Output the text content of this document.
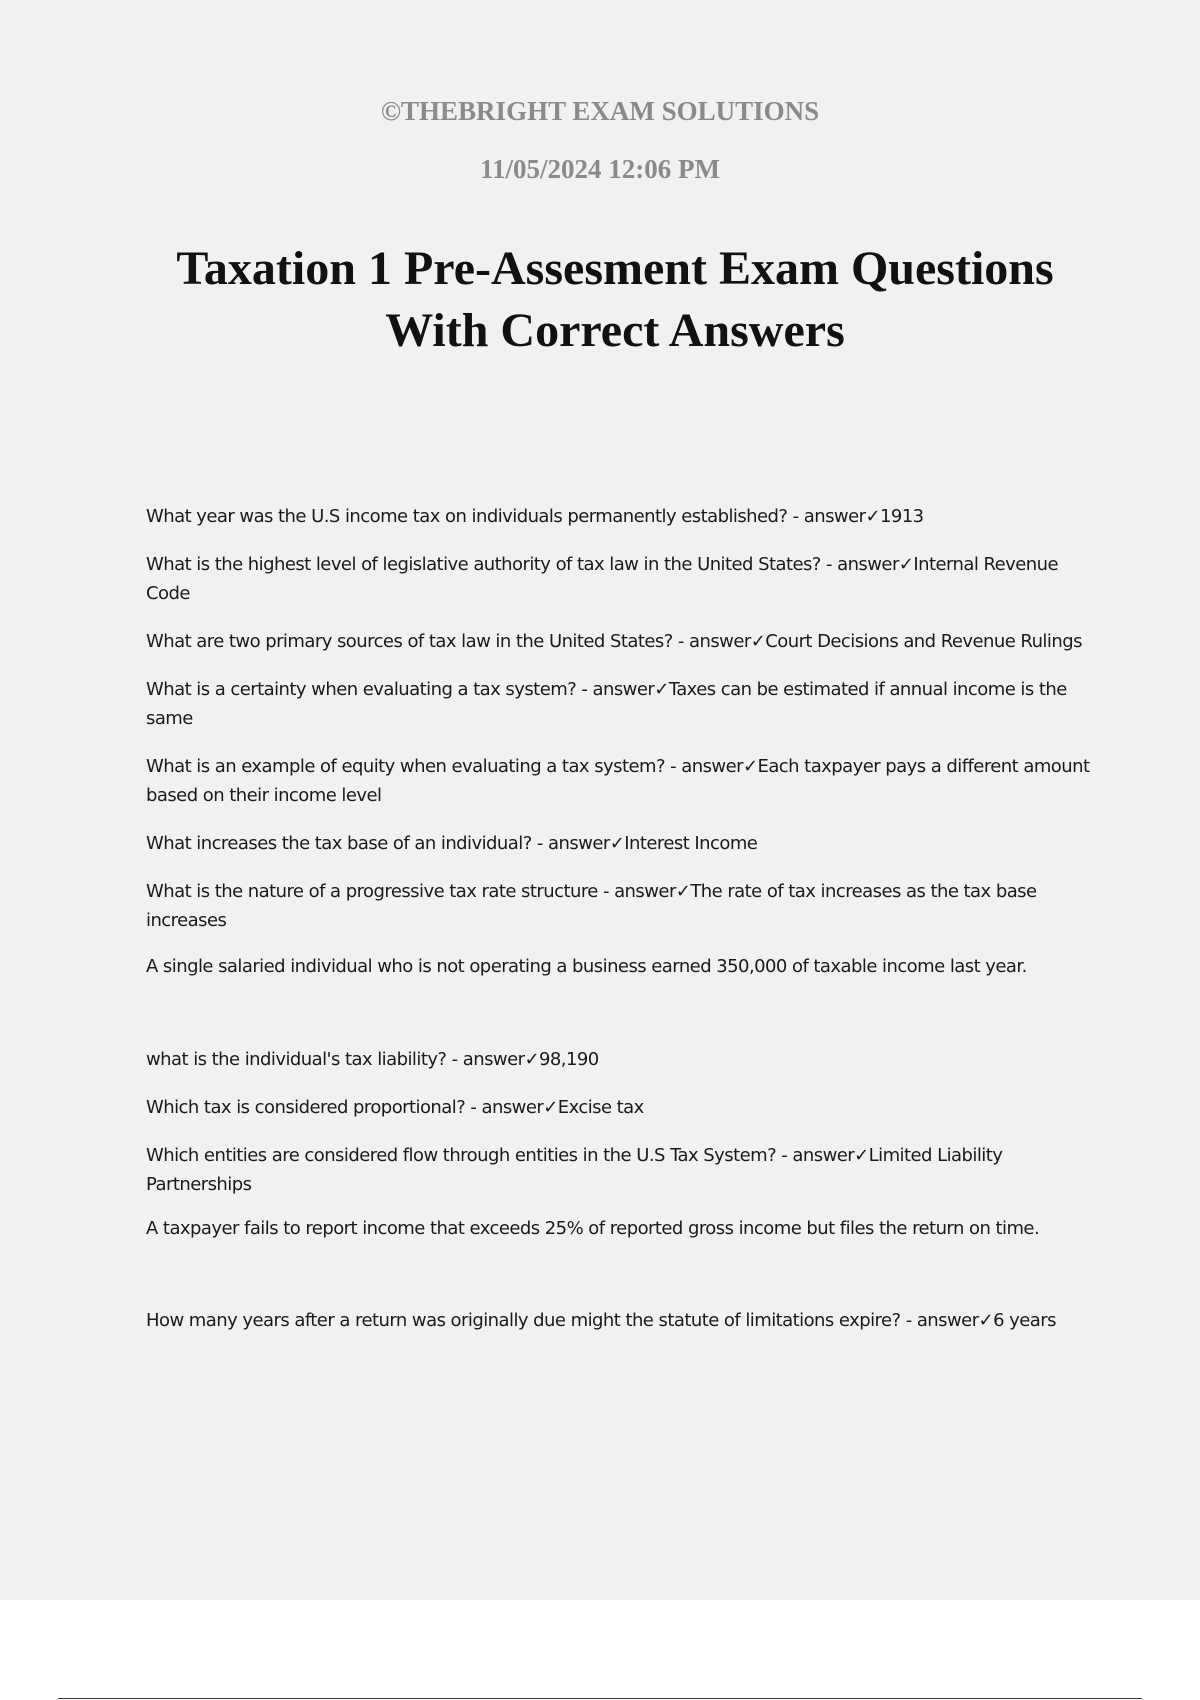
©THEBRIGHT EXAM SOLUTIONS

11/05/2024 12:06 PM

Taxation 1 Pre-Assesment Exam Questions
With Correct Answers
What year was the U.S income tax on individuals permanently established? - answer✓1913
What is the highest level of legislative authority of tax law in the United States? - answer✓Internal Revenue Code
What are two primary sources of tax law in the United States? - answer✓Court Decisions and Revenue Rulings
What is a certainty when evaluating a tax system? - answer✓Taxes can be estimated if annual income is the same
What is an example of equity when evaluating a tax system? - answer✓Each taxpayer pays a different amount based on their income level
What increases the tax base of an individual? - answer✓Interest Income
What is the nature of a progressive tax rate structure - answer✓The rate of tax increases as the tax base increases
A single salaried individual who is not operating a business earned 350,000 of taxable income last year.
what is the individual's tax liability? - answer✓98,190
Which tax is considered proportional? - answer✓Excise tax
Which entities are considered flow through entities in the U.S Tax System? - answer✓Limited Liability Partnerships
A taxpayer fails to report income that exceeds 25% of reported gross income but files the return on time.
How many years after a return was originally due might the statute of limitations expire? - answer✓6 years
